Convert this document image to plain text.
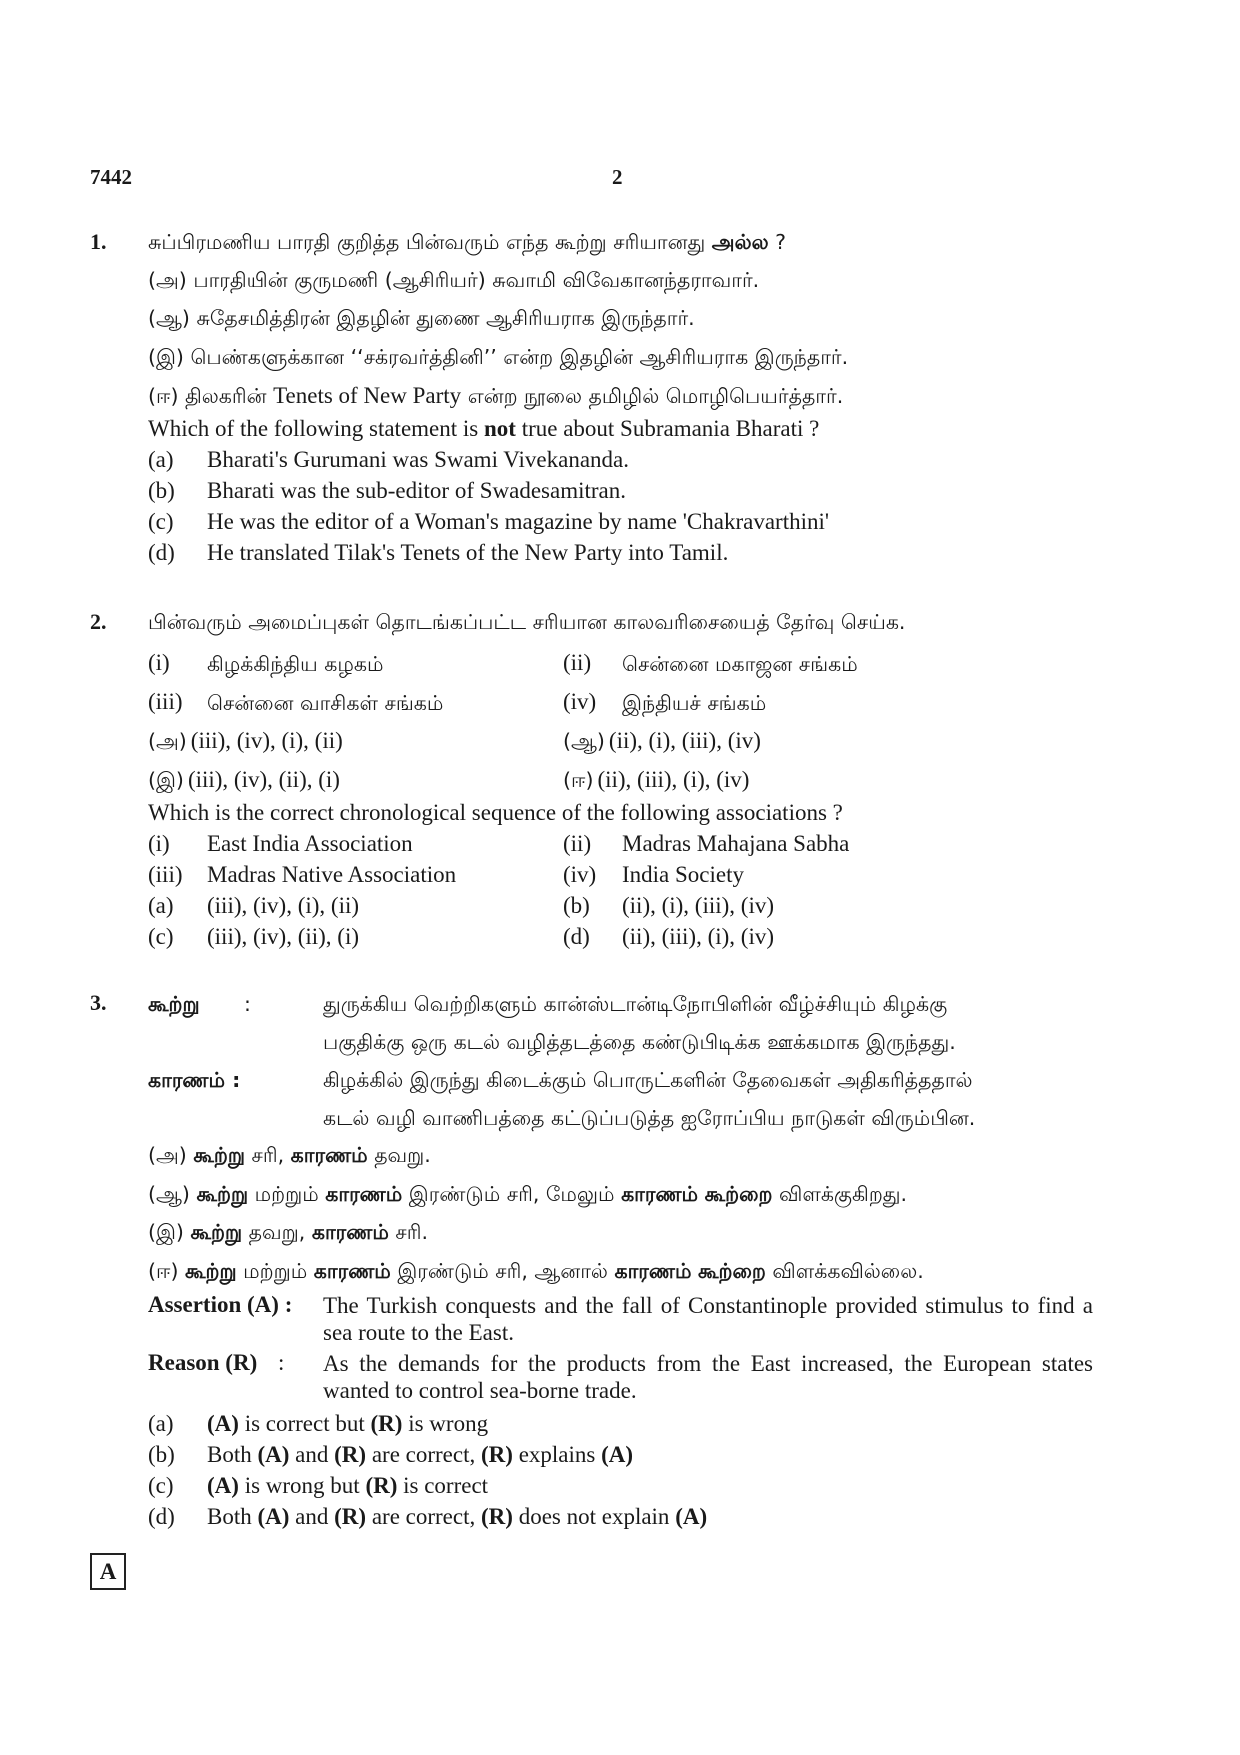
7442	2
1. சுப்பிரமணிய பாரதி குறித்த பின்வரும் எந்த கூற்று சரியானது அல்ல ?
(அ) பாரதியின் குருமணி (ஆசிரியர்) சுவாமி விவேகானந்தராவார்.
(ஆ) சுதேசமித்திரன் இதழின் துணை ஆசிரியராக இருந்தார்.
(இ) பெண்களுக்கான ‘‘சக்ரவர்த்தினி’’ என்ற இதழின் ஆசிரியராக இருந்தார்.
(ஈ) திலகரின் Tenets of New Party என்ற நூலை தமிழில் மொழிபெயர்த்தார்.
Which of the following statement is not true about Subramania Bharati ?
(a) Bharati's Gurumani was Swami Vivekananda.
(b) Bharati was the sub-editor of Swadesamitran.
(c) He was the editor of a Woman's magazine by name 'Chakravarthini'
(d) He translated Tilak's Tenets of the New Party into Tamil.
2. பின்வரும் அமைப்புகள் தொடங்கப்பட்ட சரியான காலவரிசையைத் தேர்வு செய்க.
(i) கிழக்கிந்திய கழகம்	(ii) சென்னை மகாஜன சங்கம்
(iii) சென்னை வாசிகள் சங்கம்	(iv) இந்தியச் சங்கம்
(அ) (iii), (iv), (i), (ii)	(ஆ) (ii), (i), (iii), (iv)
(இ) (iii), (iv), (ii), (i)	(ஈ) (ii), (iii), (i), (iv)
Which is the correct chronological sequence of the following associations ?
(i) East India Association	(ii) Madras Mahajana Sabha
(iii) Madras Native Association	(iv) India Society
(a) (iii), (iv), (i), (ii)	(b) (ii), (i), (iii), (iv)
(c) (iii), (iv), (ii), (i)	(d) (ii), (iii), (i), (iv)
3. கூற்று :	துருக்கிய வெற்றிகளும் கான்ஸ்டான்டிநோபிளின் வீழ்ச்சியும் கிழக்கு
பகுதிக்கு ஒரு கடல் வழித்தடத்தை கண்டுபிடிக்க ஊக்கமாக இருந்தது.
காரணம் :	கிழக்கில் இருந்து கிடைக்கும் பொருட்களின் தேவைகள் அதிகரித்ததால்
கடல் வழி வாணிபத்தை கட்டுப்படுத்த ஐரோப்பிய நாடுகள் விரும்பின.
(அ) கூற்று சரி, காரணம் தவறு.
(ஆ) கூற்று மற்றும் காரணம் இரண்டும் சரி, மேலும் காரணம் கூற்றை விளக்குகிறது.
(இ) கூற்று தவறு, காரணம் சரி.
(ஈ) கூற்று மற்றும் காரணம் இரண்டும் சரி, ஆனால் காரணம் கூற்றை விளக்கவில்லை.
Assertion (A) : The Turkish conquests and the fall of Constantinople provided stimulus to find a sea route to the East.
Reason (R) : As the demands for the products from the East increased, the European states wanted to control sea-borne trade.
(a) (A) is correct but (R) is wrong
(b) Both (A) and (R) are correct, (R) explains (A)
(c) (A) is wrong but (R) is correct
(d) Both (A) and (R) are correct, (R) does not explain (A)
A
